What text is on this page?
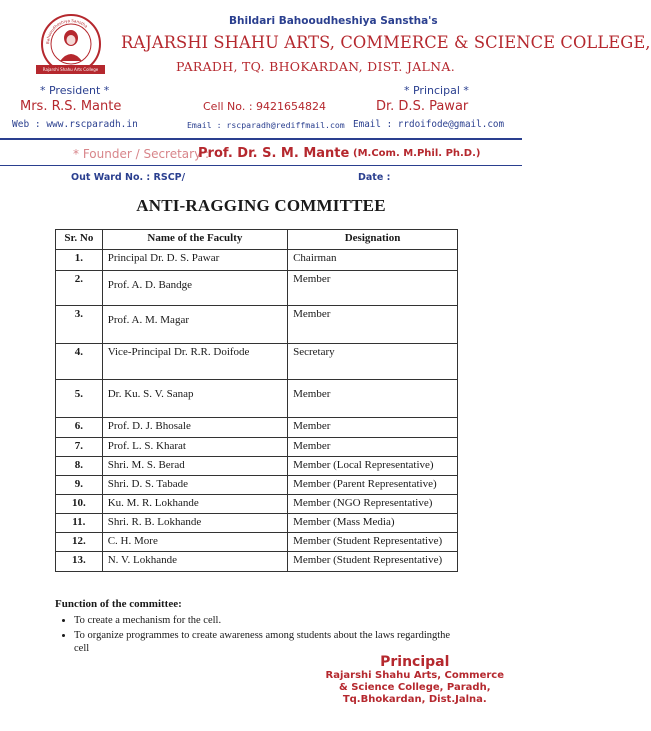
Bahooudheshiya Sanstha
Rajarshi Shahu Arts College
Bhildari Bahooudheshiya Sanstha's
RAJARSHI SHAHU ARTS, COMMERCE & SCIENCE COLLEGE,
PARADH, TQ. BHOKARDAN, DIST. JALNA.
* President *	* Principal *
Mrs. R.S. Mante	Cell No. : 9421654824	Dr. D.S. Pawar
Web : www.rscparadh.in	Email : rscparadh@rediffmail.com Email : rrdoifode@gmail.com
* Founder / Secretary :
Prof. Dr. S. M. Mante (M.Com. M.Phil. Ph.D.)
Out Ward No. : RSCP/	Date :
ANTI-RAGGING COMMITTEE
Sr. No	Name of the Faculty	Designation
1.	Principal Dr. D. S. Pawar	Chairman
2.	Prof. A. D. Bandge	Member
3.	Prof. A. M. Magar	Member
4.	Vice-Principal Dr. R.R. Doifode	Secretary
5.	Dr. Ku. S. V. Sanap	Member
6.	Prof. D. J. Bhosale	Member
7.	Prof. L. S. Kharat	Member
8.	Shri. M. S. Berad	Member (Local Representative)
9.	Shri. D. S. Tabade	Member (Parent Representative)
10.	Ku. M. R. Lokhande	Member (NGO Representative)
11.	Shri. R. B. Lokhande	Member (Mass Media)
12.	C. H. More	Member (Student Representative)
13.	N. V. Lokhande	Member (Student Representative)
Function of the committee:
• To create a mechanism for the cell.
• To organize programmes to create awareness among students about the laws regardingthe cell
Principal
Rajarshi Shahu Arts, Commerce
& Science College, Paradh,
Tq.Bhokardan, Dist.Jalna.
